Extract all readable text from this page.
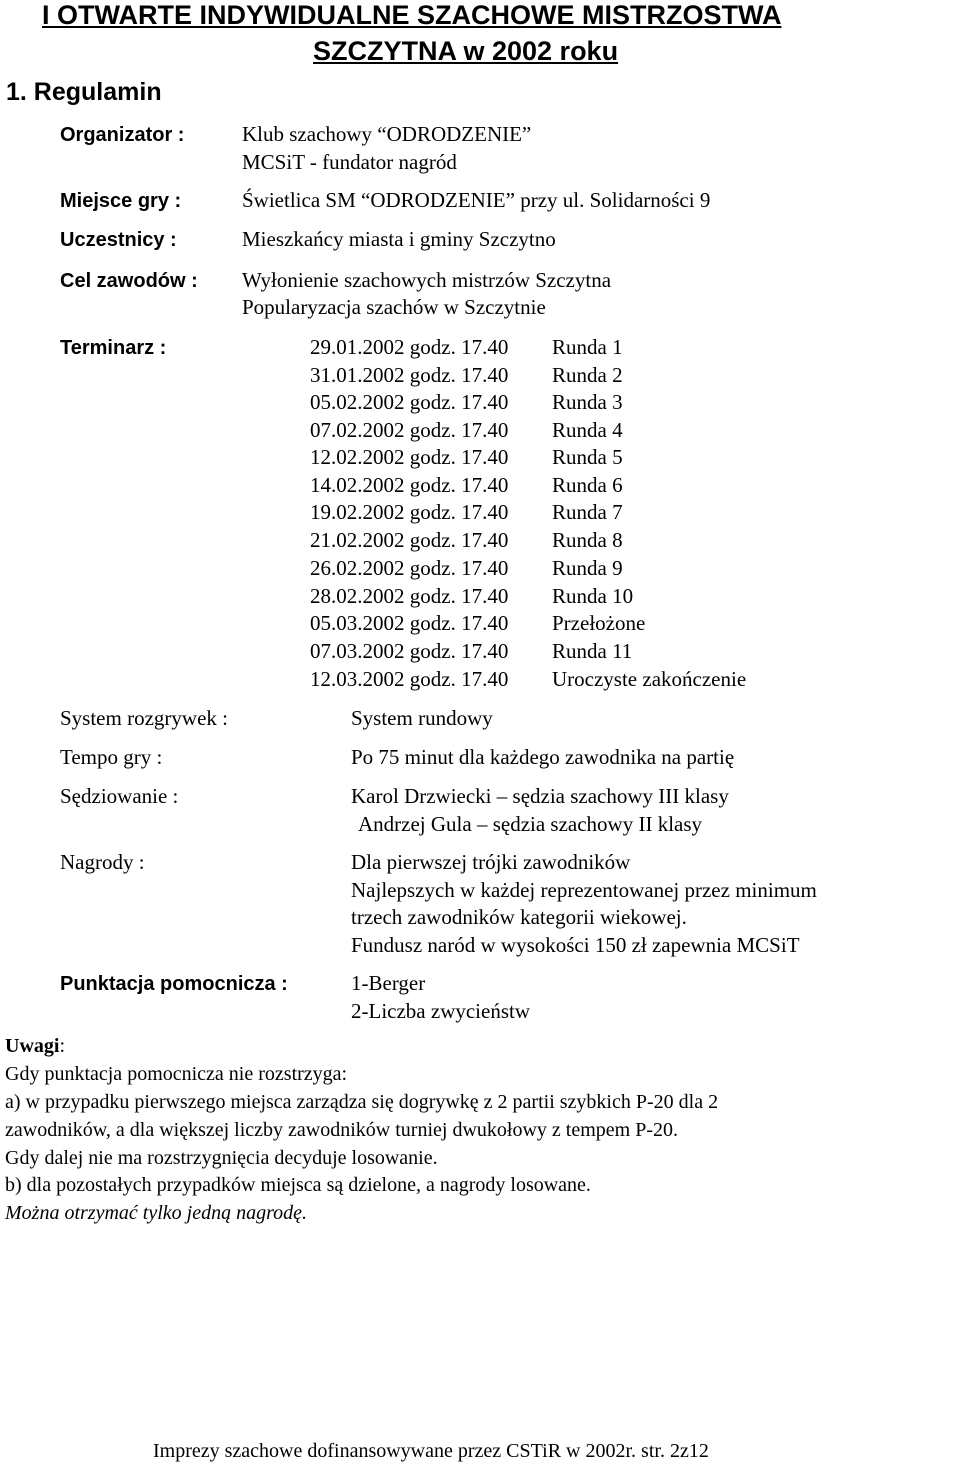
I OTWARTE INDYWIDUALNE SZACHOWE MISTRZOSTWA
SZCZYTNA w 2002 roku
1. Regulamin
Organizator :	Klub szachowy “ODRODZENIE”
MCSiT - fundator nagród
Miejsce gry :	Świetlica SM “ODRODZENIE” przy ul. Solidarności 9
Uczestnicy :	Mieszkańcy miasta i gminy Szczytno
Cel zawodów : Wyłonienie szachowych mistrzów Szczytna
Popularyzacja szachów w Szczytnie
Terminarz :	29.01.2002 godz. 17.40 Runda 1
31.01.2002 godz. 17.40 Runda 2
05.02.2002 godz. 17.40 Runda 3
07.02.2002 godz. 17.40 Runda 4
12.02.2002 godz. 17.40 Runda 5
14.02.2002 godz. 17.40 Runda 6
19.02.2002 godz. 17.40 Runda 7
21.02.2002 godz. 17.40 Runda 8
26.02.2002 godz. 17.40 Runda 9
28.02.2002 godz. 17.40 Runda 10
05.03.2002 godz. 17.40 Przełożone
07.03.2002 godz. 17.40 Runda 11
12.03.2002 godz. 17.40 Uroczyste zakończenie
System rozgrywek :	System rundowy
Tempo gry :	Po 75 minut dla każdego zawodnika na partię
Sędziowanie :	Karol Drzwiecki – sędzia szachowy III klasy
Andrzej Gula – sędzia szachowy II klasy
Nagrody :	Dla pierwszej trójki zawodników
Najlepszych w każdej reprezentowanej przez minimum
trzech zawodników kategorii wiekowej.
Fundusz naród w wysokości 150 zł zapewnia MCSiT
Punktacja pomocnicza :	1-Berger
2-Liczba zwycieństw
Uwagi:
Gdy punktacja pomocnicza nie rozstrzyga:
a) w przypadku pierwszego miejsca zarządza się dogrywkę z 2 partii szybkich P-20 dla 2
zawodników, a dla większej liczby zawodników turniej dwukołowy z tempem P-20.
Gdy dalej nie ma rozstrzygnięcia decyduje losowanie.
b) dla pozostałych przypadków miejsca są dzielone, a nagrody losowane.
Można otrzymać tylko jedną nagrodę.
Imprezy szachowe dofinansowywane przez CSTiR w 2002r. str. 2z12
